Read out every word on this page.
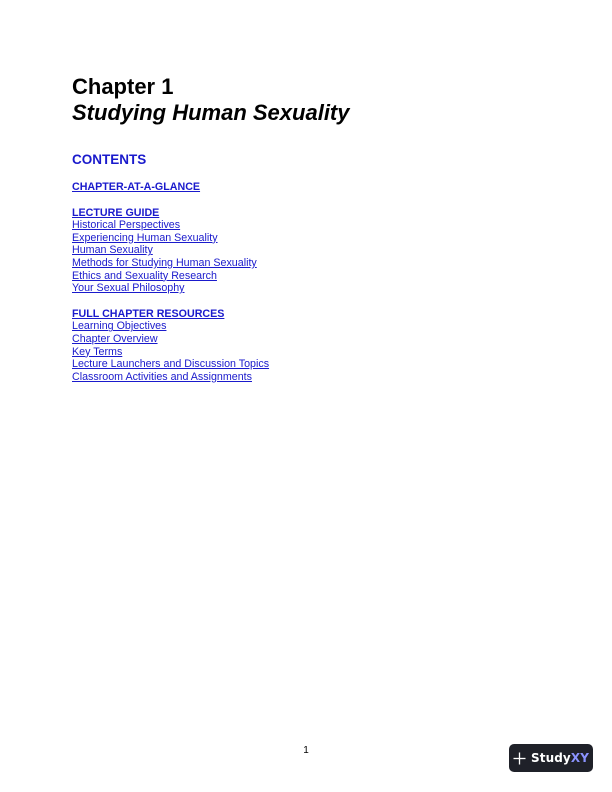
Chapter 1
Studying Human Sexuality
CONTENTS
CHAPTER-AT-A-GLANCE
LECTURE GUIDE
Historical Perspectives
Experiencing Human Sexuality
Human Sexuality
Methods for Studying Human Sexuality
Ethics and Sexuality Research
Your Sexual Philosophy
FULL CHAPTER RESOURCES
Learning Objectives
Chapter Overview
Key Terms
Lecture Launchers and Discussion Topics
Classroom Activities and Assignments
1
StudyXY
